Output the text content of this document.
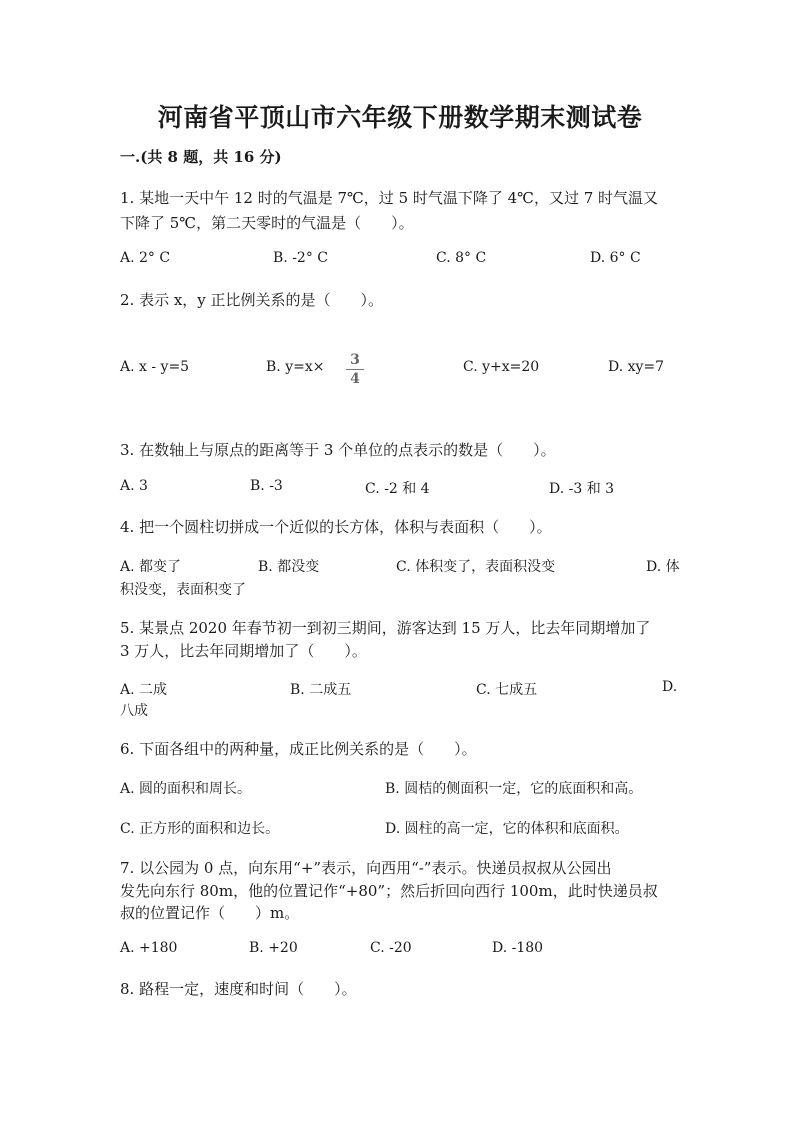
河南省平顶山市六年级下册数学期末测试卷
一.(共 8 题，共 16 分)
1. 某地一天中午 12 时的气温是 7℃，过 5 时气温下降了 4℃，又过 7 时气温又
下降了 5℃，第二天零时的气温是（　　）。
A. 2° C	B. -2° C	C. 8° C	D. 6° C
2. 表示 x，y 正比例关系的是（　　）。
A. x - y=5	B. y=x× 3
4
C. y+x=20	D. xy=7
3. 在数轴上与原点的距离等于 3 个单位的点表示的数是（　　）。
A. 3	B. -3	C. -2 和 4	D. -3 和 3
4. 把一个圆柱切拼成一个近似的长方体，体积与表面积（　　）。
A. 都变了	B. 都没变	C. 体积变了，表面积没变	D. 体
积没变，表面积变了
5. 某景点 2020 年春节初一到初三期间，游客达到 15 万人，比去年同期增加了
3 万人，比去年同期增加了（　　）。
A. 二成	B. 二成五	C. 七成五	D.
八成
6. 下面各组中的两种量，成正比例关系的是（　　）。
A. 圆的面积和周长。	B. 圆桔的侧面积一定，它的底面积和高。
C. 正方形的面积和边长。	D. 圆柱的高一定，它的体积和底面积。
7. 以公园为 0 点，向东用“+”表示，向西用“-”表示。快递员叔叔从公园出
发先向东行 80m，他的位置记作“+80”；然后折回向西行 100m，此时快递员叔
叔的位置记作（　　）m。
A. +180	B. +20	C. -20	D. -180
8. 路程一定，速度和时间（　　）。
